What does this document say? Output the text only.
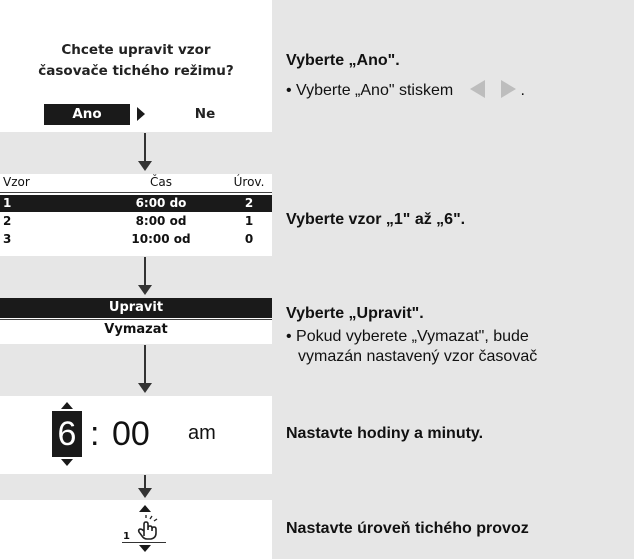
Chcete upravit vzor
časovače tichého režimu?
Ano	Ne
Vzor	Čas	Úrov.
1	6:00 do	2
2	8:00 od	1
3	10:00 od	0
Upravit
Vymazat
6 : 00 am
1
Vyberte „Ano".
• Vyberte „Ano" stiskem	.
Vyberte vzor „1" až „6".
Vyberte „Upravit".
• Pokud vyberete „Vymazat", bude
vymazán nastavený vzor časovač
Nastavte hodiny a minuty.
Nastavte úroveň tichého provoz
